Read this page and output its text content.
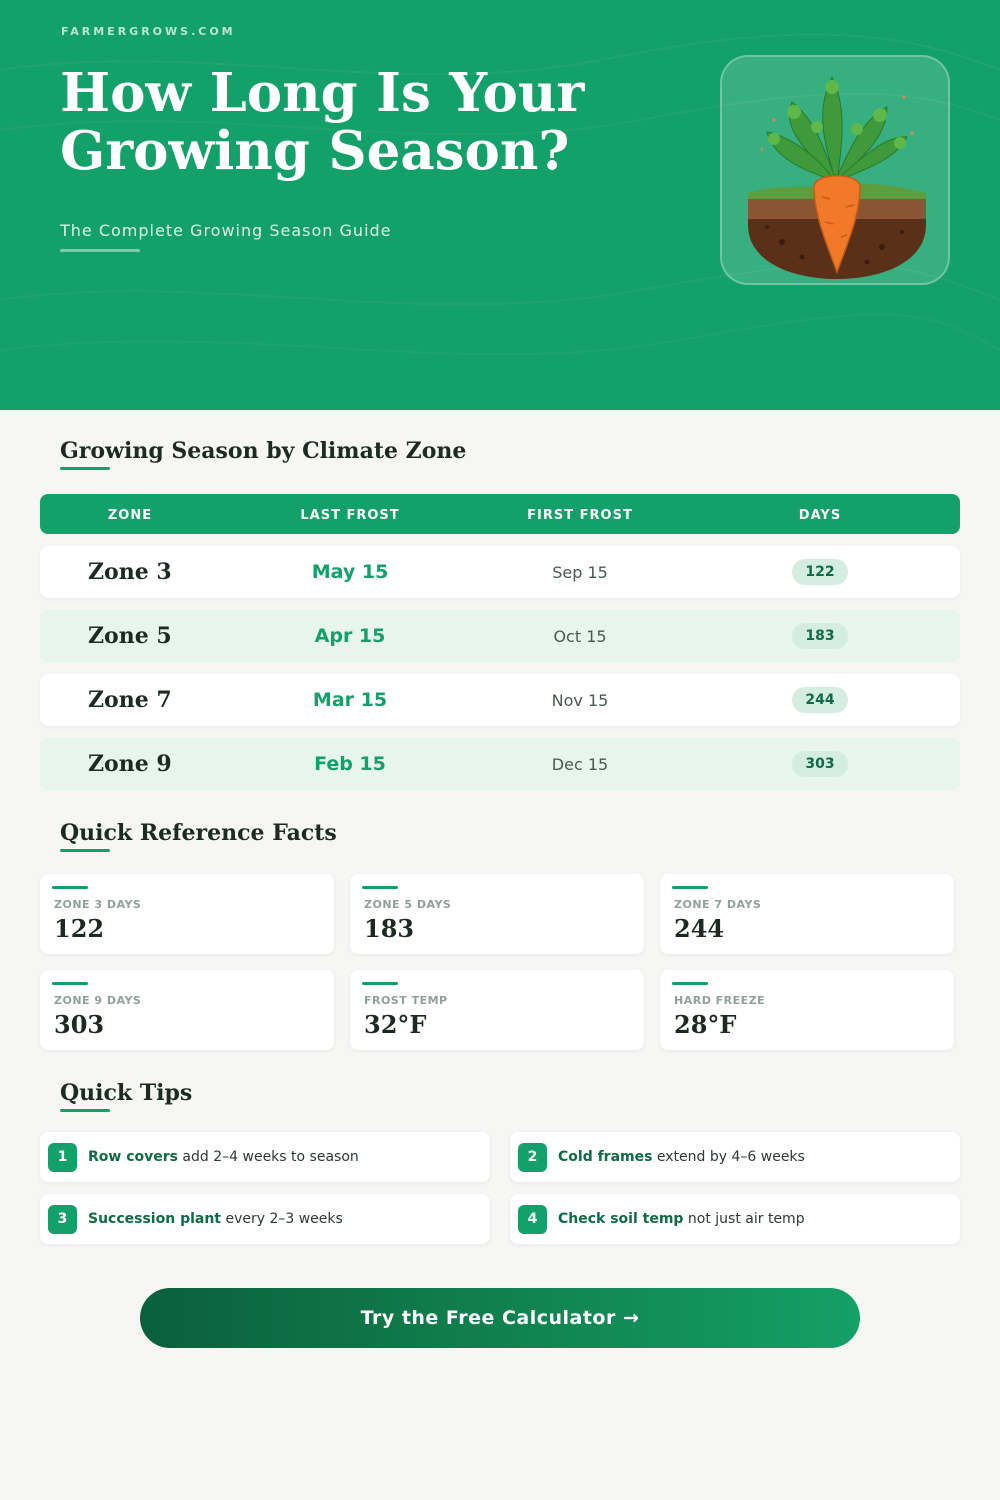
FARMERGROWS.COM
How Long Is Your
Growing Season?
The Complete Growing Season Guide
Growing Season by Climate Zone
ZONE	LAST FROST	FIRST FROST	DAYS
Zone 3	May 15	Sep 15	122
Zone 5	Apr 15	Oct 15	183
Zone 7	Mar 15	Nov 15	244
Zone 9	Feb 15	Dec 15	303
Quick Reference Facts
ZONE 3 DAYS
122
ZONE 5 DAYS
183
ZONE 7 DAYS
244
ZONE 9 DAYS
303
FROST TEMP
32°F
HARD FREEZE
28°F
Quick Tips
1	Row covers add 2–4 weeks to season	2	Cold frames extend by 4–6 weeks
3	Succession plant every 2–3 weeks	4	Check soil temp not just air temp
Try the Free Calculator →
